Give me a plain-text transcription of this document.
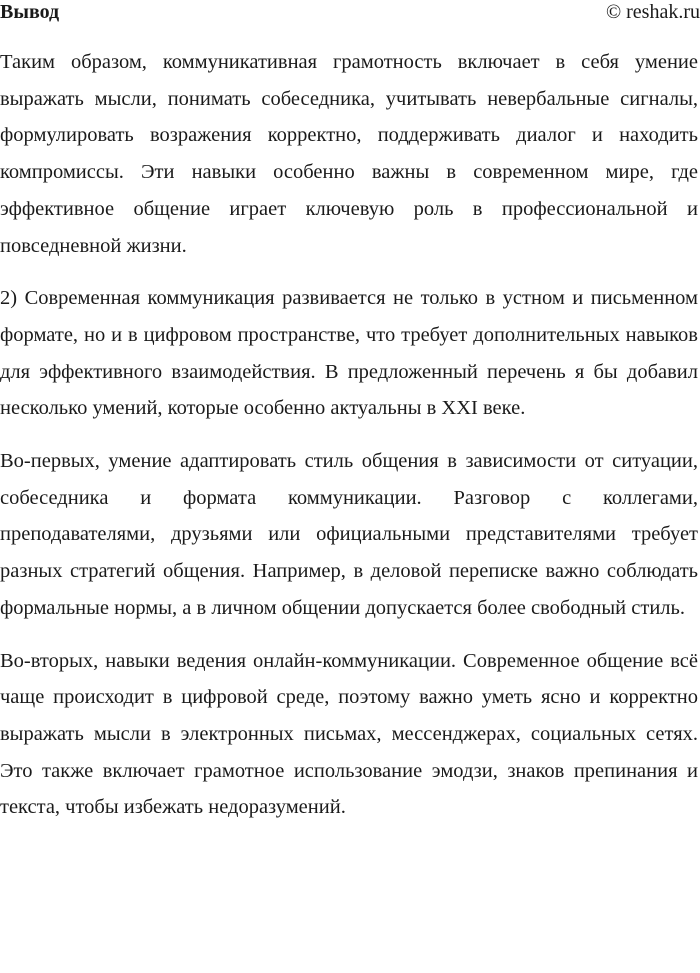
Вывод	© reshak.ru

Таким образом, коммуникативная грамотность включает в себя умение выражать мысли, понимать собеседника, учитывать невербальные сигналы, формулировать возражения корректно, поддерживать диалог и находить компромиссы. Эти навыки особенно важны в современном мире, где эффективное общение играет ключевую роль в профессиональной и повседневной жизни.

2) Современная коммуникация развивается не только в устном и письменном формате, но и в цифровом пространстве, что требует дополнительных навыков для эффективного взаимодействия. В предложенный перечень я бы добавил несколько умений, которые особенно актуальны в XXI веке.

Во-первых, умение адаптировать стиль общения в зависимости от ситуации, собеседника и формата коммуникации. Разговор с коллегами, преподавателями, друзьями или официальными представителями требует разных стратегий общения. Например, в деловой переписке важно соблюдать формальные нормы, а в личном общении допускается более свободный стиль.

Во-вторых, навыки ведения онлайн-коммуникации. Современное общение всё чаще происходит в цифровой среде, поэтому важно уметь ясно и корректно выражать мысли в электронных письмах, мессенджерах, социальных сетях. Это также включает грамотное использование эмодзи, знаков препинания и текста, чтобы избежать недоразумений.
